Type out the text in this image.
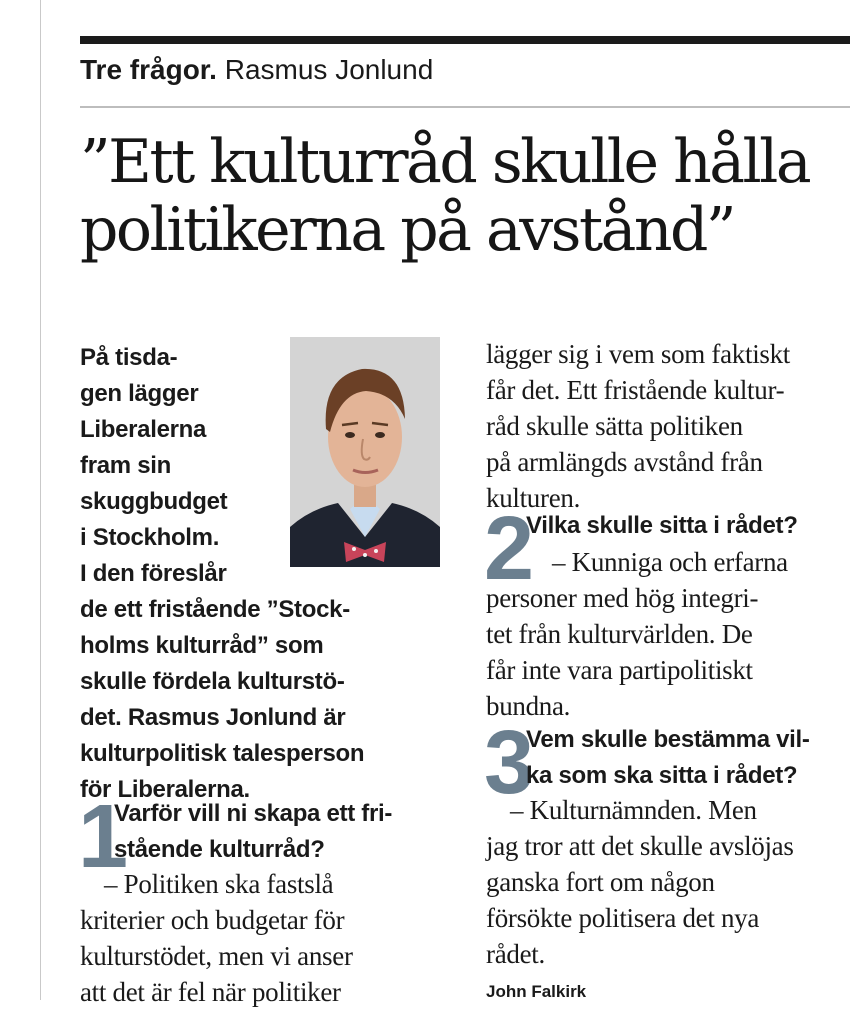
Tre frågor. Rasmus Jonlund
”Ett kulturråd skulle hålla
politikerna på avstånd”
På tisda-
gen lägger
Liberalerna
fram sin
skuggbudget
i Stockholm.
I den föreslår
de ett fristående ”Stock-
holms kulturråd” som
skulle fördela kulturstö-
det. Rasmus Jonlund är
kulturpolitisk talesperson
för Liberalerna.
1
Varför vill ni skapa ett fri-
stående kulturråd?
– Politiken ska fastslå
kriterier och budgetar för
kulturstödet, men vi anser
att det är fel när politiker
lägger sig i vem som faktiskt
får det. Ett fristående kultur-
råd skulle sätta politiken
på armlängds avstånd från
kulturen.
2
Vilka skulle sitta i rådet?
– Kunniga och erfarna
personer med hög integri-
tet från kulturvärlden. De
får inte vara partipolitiskt
bundna.
3
Vem skulle bestämma vil-
ka som ska sitta i rådet?
– Kulturnämnden. Men
jag tror att det skulle avslöjas
ganska fort om någon
försökte politisera det nya
rådet.
John Falkirk
